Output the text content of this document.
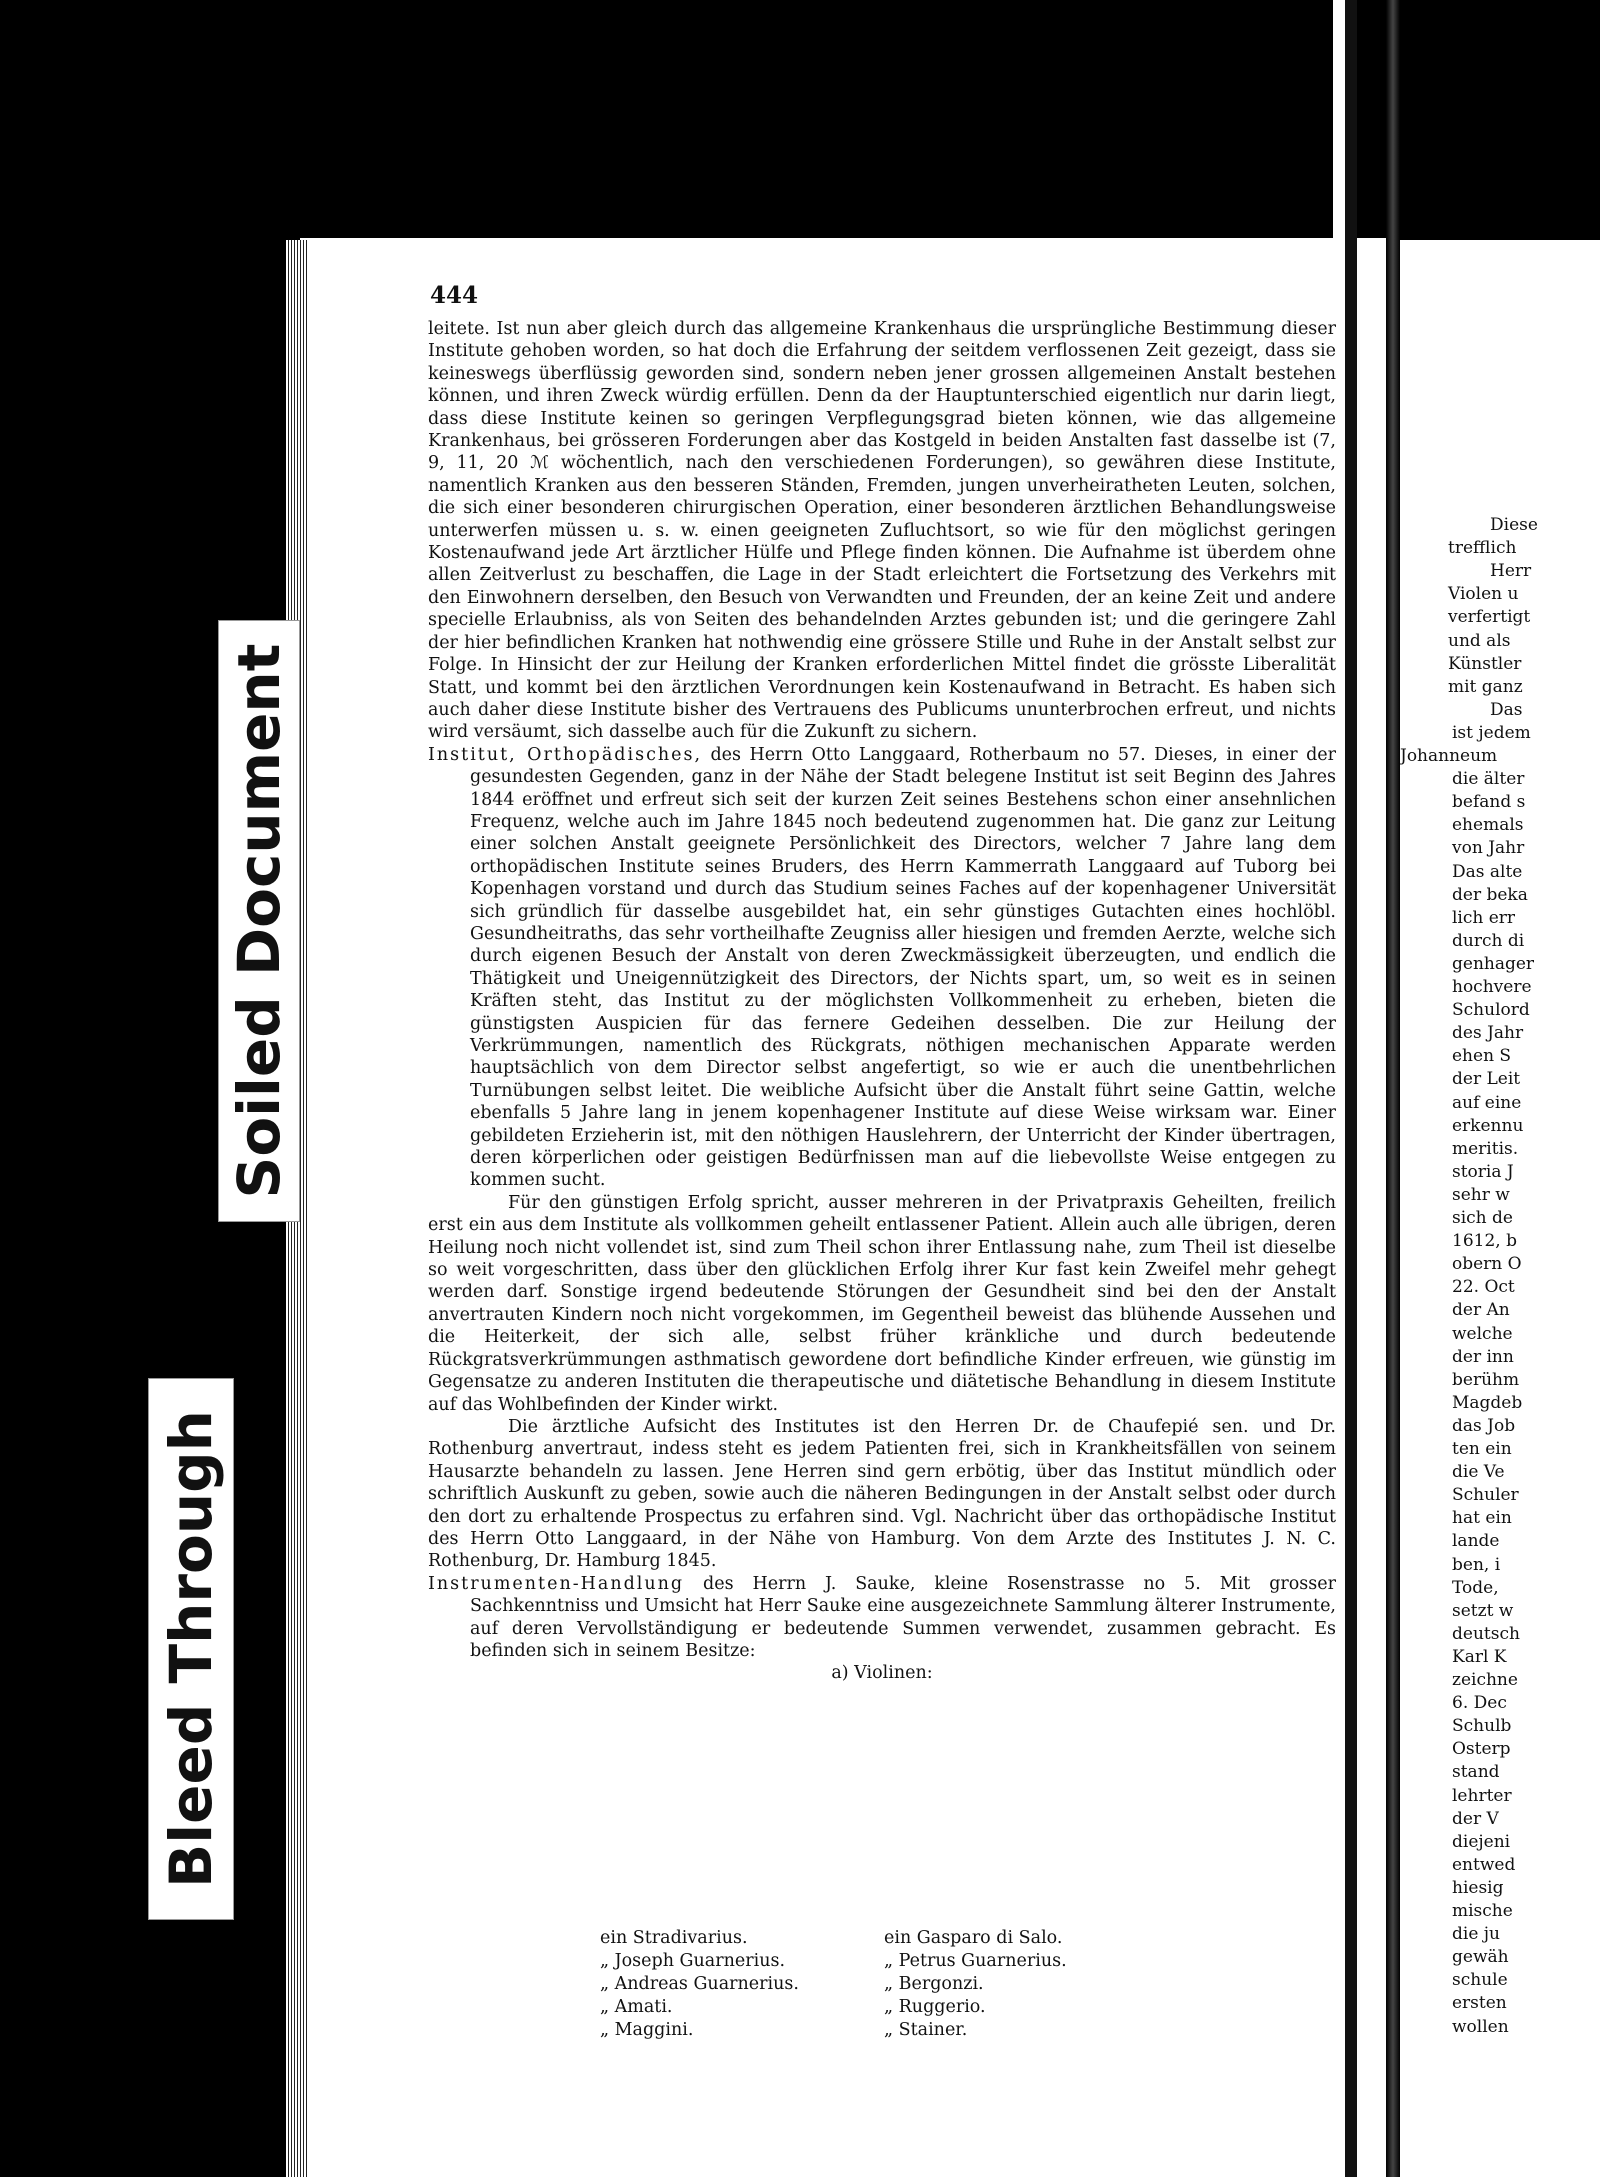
Diese
trefflich
Herr
Violen u
verfertigt
und als
Künstler
mit ganz
Das
ist jedem
Johanneum
die älter
befand s
ehemals
von Jahr
Das alte
der beka
lich err
durch di
genhager
hochvere
Schulord
des Jahr
ehen S
der Leit
auf eine
erkennu
meritis.
storia J
sehr w
sich de
1612, b
obern O
22. Oct
der An
welche
der inn
berühm
Magdeb
das Job
ten ein
die Ve
Schuler
hat ein
lande
ben, i
Tode,
setzt w
deutsch
Karl K
zeichne
6. Dec
Schulb
Osterp
stand
lehrter
der V
diejeni
entwed
hiesig
mische
die ju
gewäh
schule
ersten
wollen
Soiled Document
Bleed Through
444

leitete. Ist nun aber gleich durch das allgemeine Krankenhaus die ursprüngliche Bestimmung dieser Institute gehoben worden, so hat doch die Erfahrung der seitdem verflossenen Zeit gezeigt, dass sie keineswegs überflüssig geworden sind, sondern neben jener grossen allgemeinen Anstalt bestehen können, und ihren Zweck würdig erfüllen. Denn da der Hauptunterschied eigentlich nur darin liegt, dass diese Institute keinen so geringen Verpflegungsgrad bieten können, wie das allgemeine Krankenhaus, bei grösseren Forderungen aber das Kostgeld in beiden Anstalten fast dasselbe ist (7, 9, 11, 20 ℳ wöchentlich, nach den verschiedenen Forderungen), so gewähren diese Institute, namentlich Kranken aus den besseren Ständen, Fremden, jungen unverheiratheten Leuten, solchen, die sich einer besonderen chirurgischen Operation, einer besonderen ärztlichen Behandlungsweise unterwerfen müssen u. s. w. einen geeigneten Zufluchtsort, so wie für den möglichst geringen Kostenaufwand jede Art ärztlicher Hülfe und Pflege finden können. Die Aufnahme ist überdem ohne allen Zeitverlust zu beschaffen, die Lage in der Stadt erleichtert die Fortsetzung des Verkehrs mit den Einwohnern derselben, den Besuch von Verwandten und Freunden, der an keine Zeit und andere specielle Erlaubniss, als von Seiten des behandelnden Arztes gebunden ist; und die geringere Zahl der hier befindlichen Kranken hat nothwendig eine grössere Stille und Ruhe in der Anstalt selbst zur Folge. In Hinsicht der zur Heilung der Kranken erforderlichen Mittel findet die grösste Liberalität Statt, und kommt bei den ärztlichen Verordnungen kein Kostenaufwand in Betracht. Es haben sich auch daher diese Institute bisher des Vertrauens des Publicums ununterbrochen erfreut, und nichts wird versäumt, sich dasselbe auch für die Zukunft zu sichern.

Institut, Orthopädisches, des Herrn Otto Langgaard, Rotherbaum no 57. Dieses, in einer der gesundesten Gegenden, ganz in der Nähe der Stadt belegene Institut ist seit Beginn des Jahres 1844 eröffnet und erfreut sich seit der kurzen Zeit seines Bestehens schon einer ansehnlichen Frequenz, welche auch im Jahre 1845 noch bedeutend zugenommen hat. Die ganz zur Leitung einer solchen Anstalt geeignete Persönlichkeit des Directors, welcher 7 Jahre lang dem orthopädischen Institute seines Bruders, des Herrn Kammerrath Langgaard auf Tuborg bei Kopenhagen vorstand und durch das Studium seines Faches auf der kopenhagener Universität sich gründlich für dasselbe ausgebildet hat, ein sehr günstiges Gutachten eines hochlöbl. Gesundheitraths, das sehr vortheilhafte Zeugniss aller hiesigen und fremden Aerzte, welche sich durch eigenen Besuch der Anstalt von deren Zweckmässigkeit überzeugten, und endlich die Thätigkeit und Uneigennützigkeit des Directors, der Nichts spart, um, so weit es in seinen Kräften steht, das Institut zu der möglichsten Vollkommenheit zu erheben, bieten die günstigsten Auspicien für das fernere Gedeihen desselben. Die zur Heilung der Verkrümmungen, namentlich des Rückgrats, nöthigen mechanischen Apparate werden hauptsächlich von dem Director selbst angefertigt, so wie er auch die unentbehrlichen Turnübungen selbst leitet. Die weibliche Aufsicht über die Anstalt führt seine Gattin, welche ebenfalls 5 Jahre lang in jenem kopenhagener Institute auf diese Weise wirksam war. Einer gebildeten Erzieherin ist, mit den nöthigen Hauslehrern, der Unterricht der Kinder übertragen, deren körperlichen oder geistigen Bedürfnissen man auf die liebevollste Weise entgegen zu kommen sucht.

Für den günstigen Erfolg spricht, ausser mehreren in der Privatpraxis Geheilten, freilich erst ein aus dem Institute als vollkommen geheilt entlassener Patient. Allein auch alle übrigen, deren Heilung noch nicht vollendet ist, sind zum Theil schon ihrer Entlassung nahe, zum Theil ist dieselbe so weit vorgeschritten, dass über den glücklichen Erfolg ihrer Kur fast kein Zweifel mehr gehegt werden darf. Sonstige irgend bedeutende Störungen der Gesundheit sind bei den der Anstalt anvertrauten Kindern noch nicht vorgekommen, im Gegentheil beweist das blühende Aussehen und die Heiterkeit, der sich alle, selbst früher kränkliche und durch bedeutende Rückgratsverkrümmungen asthmatisch gewordene dort befindliche Kinder erfreuen, wie günstig im Gegensatze zu anderen Instituten die therapeutische und diätetische Behandlung in diesem Institute auf das Wohlbefinden der Kinder wirkt.

Die ärztliche Aufsicht des Institutes ist den Herren Dr. de Chaufepié sen. und Dr. Rothenburg anvertraut, indess steht es jedem Patienten frei, sich in Krankheitsfällen von seinem Hausarzte behandeln zu lassen. Jene Herren sind gern erbötig, über das Institut mündlich oder schriftlich Auskunft zu geben, sowie auch die näheren Bedingungen in der Anstalt selbst oder durch den dort zu erhaltende Prospectus zu erfahren sind. Vgl. Nachricht über das orthopädische Institut des Herrn Otto Langgaard, in der Nähe von Hamburg. Von dem Arzte des Institutes J. N. C. Rothenburg, Dr. Hamburg 1845.

Instrumenten-Handlung des Herrn J. Sauke, kleine Rosenstrasse no 5. Mit grosser Sachkenntniss und Umsicht hat Herr Sauke eine ausgezeichnete Sammlung älterer Instrumente, auf deren Vervollständigung er bedeutende Summen verwendet, zusammen gebracht. Es befinden sich in seinem Besitze:

a) Violinen:

ein Stradivarius.
„ Joseph Guarnerius.
„ Andreas Guarnerius.
„ Amati.
„ Maggini.
ein Gasparo di Salo.
„ Petrus Guarnerius.
„ Bergonzi.
„ Ruggerio.
„ Stainer.
